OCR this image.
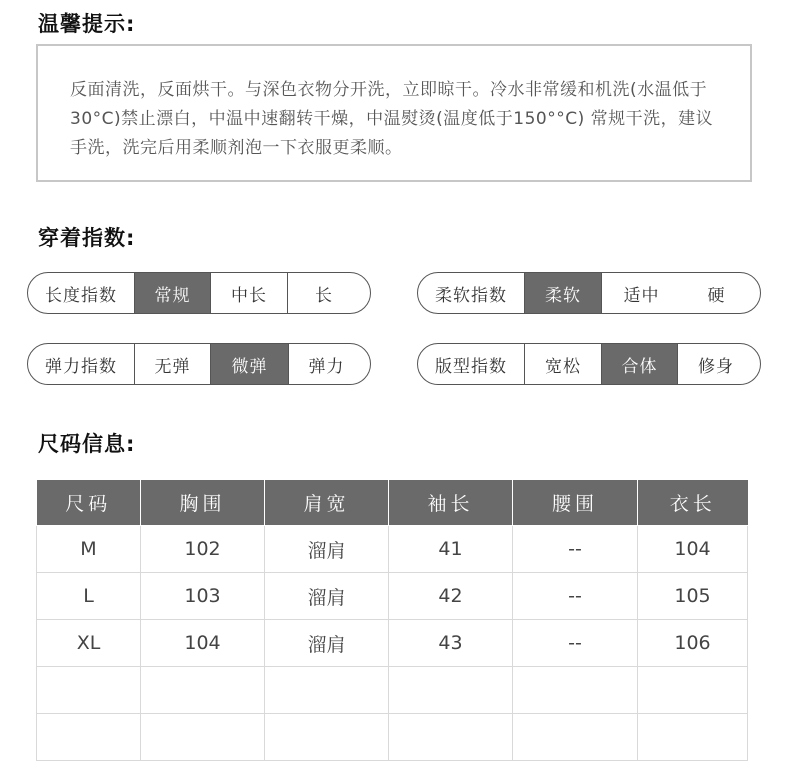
温馨提示:

反面清洗，反面烘干。与深色衣物分开洗，立即晾干。冷水非常缓和机洗(水温低于30°C)禁止漂白，中温中速翻转干燥，中温熨烫(温度低于150°°C) 常规干洗，建议手洗，洗完后用柔顺剂泡一下衣服更柔顺。

穿着指数:
长度指数	常规	中长	长	柔软指数	柔软	适中	硬
弹力指数	无弹	微弹	弹力	版型指数	宽松	合体	修身
尺码信息:
尺码	胸围	肩宽	袖长	腰围	衣长
M	102	溜肩	41	--	104
L	103	溜肩	42	--	105
XL	104	溜肩	43	--	106
